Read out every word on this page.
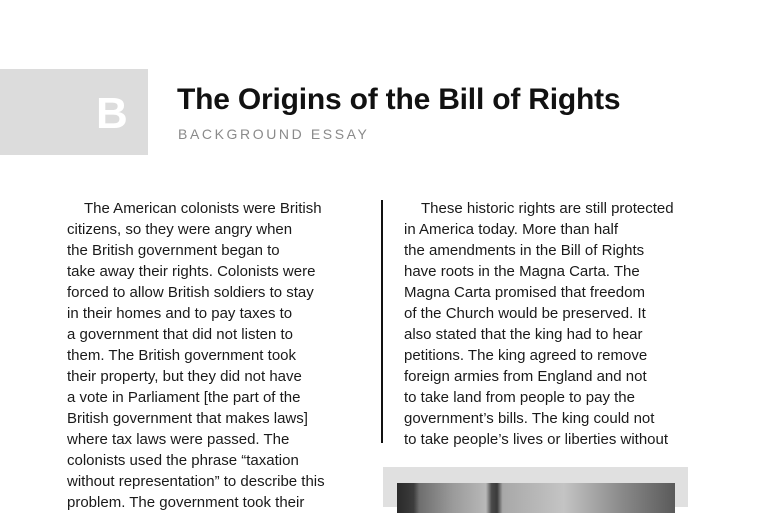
B The Origins of the Bill of Rights
BACKGROUND ESSAY
The American colonists were British
citizens, so they were angry when
the British government began to
take away their rights. Colonists were
forced to allow British soldiers to stay
in their homes and to pay taxes to
a government that did not listen to
them. The British government took
their property, but they did not have
a vote in Parliament [the part of the
British government that makes laws]
where tax laws were passed. The
colonists used the phrase “taxation
without representation” to describe this
problem. The government took their
These historic rights are still protected
in America today. More than half
the amendments in the Bill of Rights
have roots in the Magna Carta. The
Magna Carta promised that freedom
of the Church would be preserved. It
also stated that the king had to hear
petitions. The king agreed to remove
foreign armies from England and not
to take land from people to pay the
government’s bills. The king could not
to take people’s lives or liberties without
